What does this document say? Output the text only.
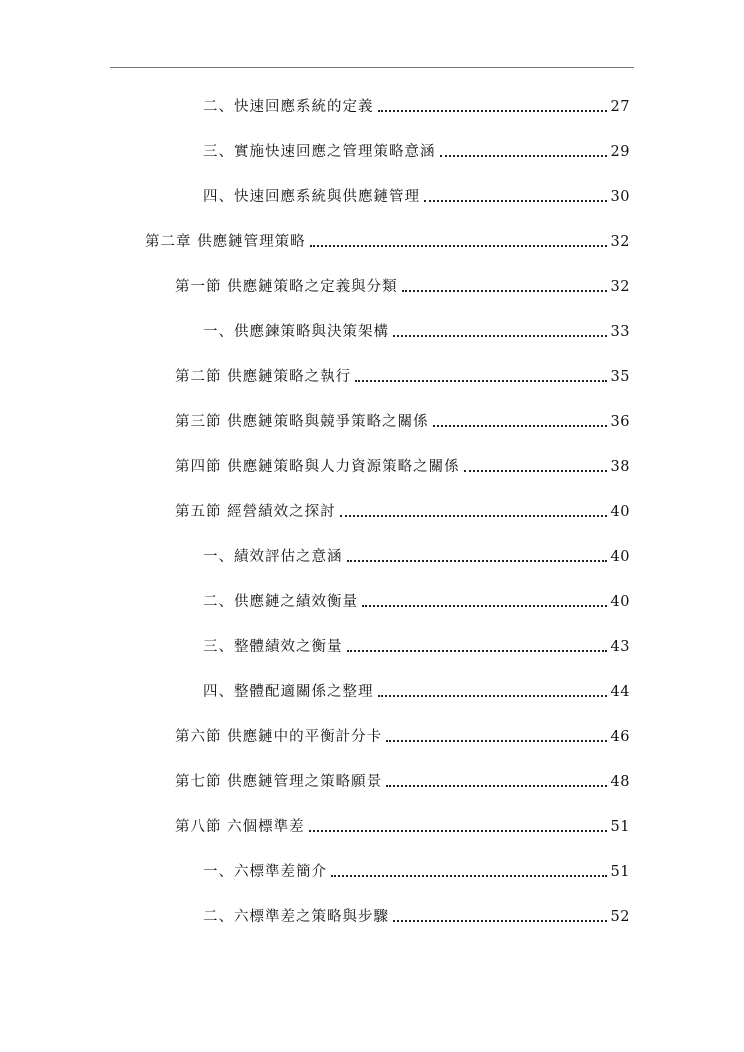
二、快速回應系統的定義	27
三、實施快速回應之管理策略意涵	29
四、快速回應系統與供應鏈管理	30
第二章 供應鏈管理策略	32
第一節 供應鏈策略之定義與分類	32
一、供應鍊策略與決策架構	33
第二節 供應鏈策略之執行	35
第三節 供應鏈策略與競爭策略之關係	36
第四節 供應鏈策略與人力資源策略之關係	38
第五節 經營績效之探討	40
一、績效評估之意涵	40
二、供應鏈之績效衡量	40
三、整體績效之衡量	43
四、整體配適關係之整理	44
第六節 供應鏈中的平衡計分卡	46
第七節 供應鏈管理之策略願景	48
第八節 六個標準差	51
一、六標準差簡介	51
二、六標準差之策略與步驟	52
